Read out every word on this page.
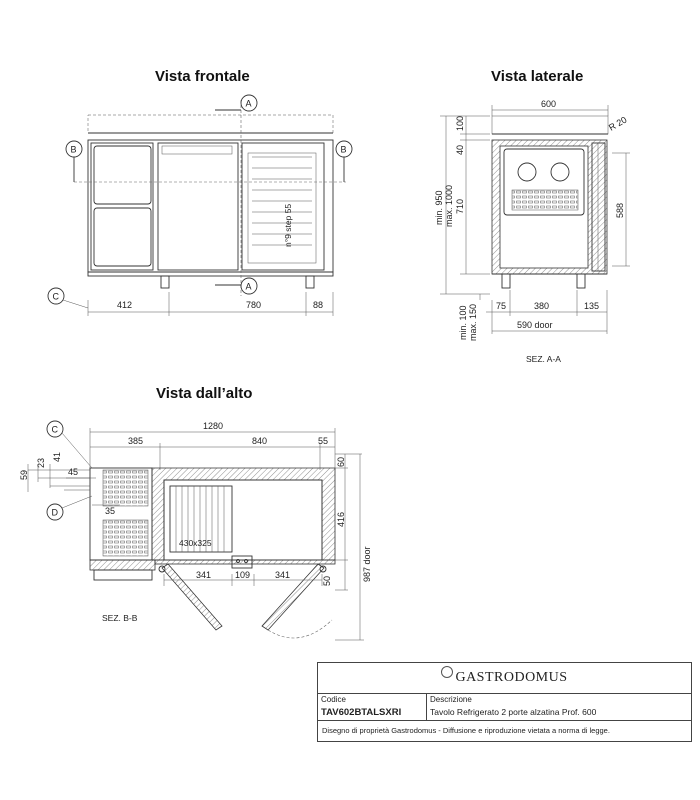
Vista frontale
n°9 step 55
A
A
B	B
C
412	780	88
Vista laterale
600
R 20
100
40
710
min. 950 max. 1000
min. 100 max. 150
588
75	380	135
590 door
SEZ. A-A
Vista dall’alto
1280
385	840	55
430x325
341	109	341
60
416
50	987 door
59
23
41
45
35
C
D
SEZ. B-B
GASTRODOMUS
Codice
TAV602BTALSXRI
Descrizione
Tavolo Refrigerato 2 porte alzatina Prof. 600
Disegno di proprietà Gastrodomus - Diffusione e riproduzione vietata a norma di legge.
